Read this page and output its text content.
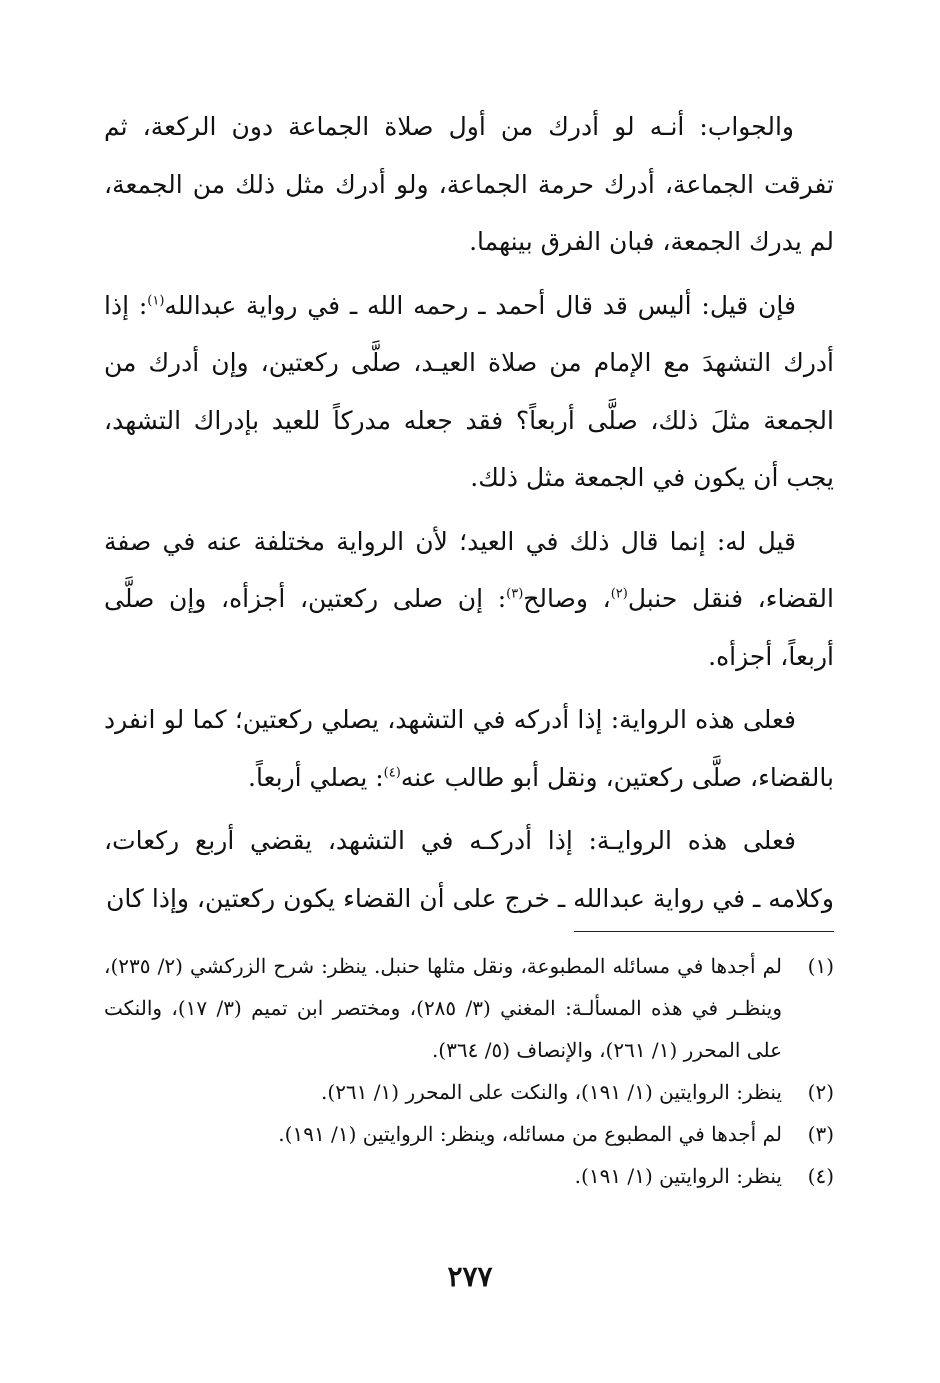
والجواب: أنـه لو أدرك من أول صلاة الجماعة دون الركعة، ثم تفرقت الجماعة، أدرك حرمة الجماعة، ولو أدرك مثل ذلك من الجمعة، لم يدرك الجمعة، فبان الفرق بينهما.

فإن قيل: أليس قد قال أحمد ـ رحمه الله ـ في رواية عبدالله$^{(١)}$: إذا أدرك التشهدَ مع الإمام من صلاة العيـد، صلَّى ركعتين، وإن أدرك من الجمعة مثلَ ذلك، صلَّى أربعاً؟ فقد جعله مدركاً للعيد بإدراك التشهد، يجب أن يكون في الجمعة مثل ذلك.

قيل له: إنما قال ذلك في العيد؛ لأن الرواية مختلفة عنه في صفة القضاء، فنقل حنبل$^{(٢)}$، وصالح$^{(٣)}$: إن صلى ركعتين، أجزأه، وإن صلَّى أربعاً، أجزأه.

فعلى هذه الرواية: إذا أدركه في التشهد، يصلي ركعتين؛ كما لو انفرد بالقضاء، صلَّى ركعتين، ونقل أبو طالب عنه$^{(٤)}$: يصلي أربعاً.

فعلى هذه الروايـة: إذا أدركـه في التشهد، يقضي أربع ركعات، وكلامه ـ في رواية عبدالله ـ خرج على أن القضاء يكون ركعتين، وإذا كان

(١)
لم أجدها في مسائله المطبوعة، ونقل مثلها حنبل. ينظر: شرح الزركشي (٢/ ٢٣٥)، وينظـر في هذه المسألـة: المغني (٣/ ٢٨٥)، ومختصر ابن تميم (٣/ ١٧)، والنكت على المحرر (١/ ٢٦١)، والإنصاف (٥/ ٣٦٤).
(٢)
ينظر: الروايتين (١/ ١٩١)، والنكت على المحرر (١/ ٢٦١).
(٣)
لم أجدها في المطبوع من مسائله، وينظر: الروايتين (١/ ١٩١).
(٤)
ينظر: الروايتين (١/ ١٩١).
٢٧٧
